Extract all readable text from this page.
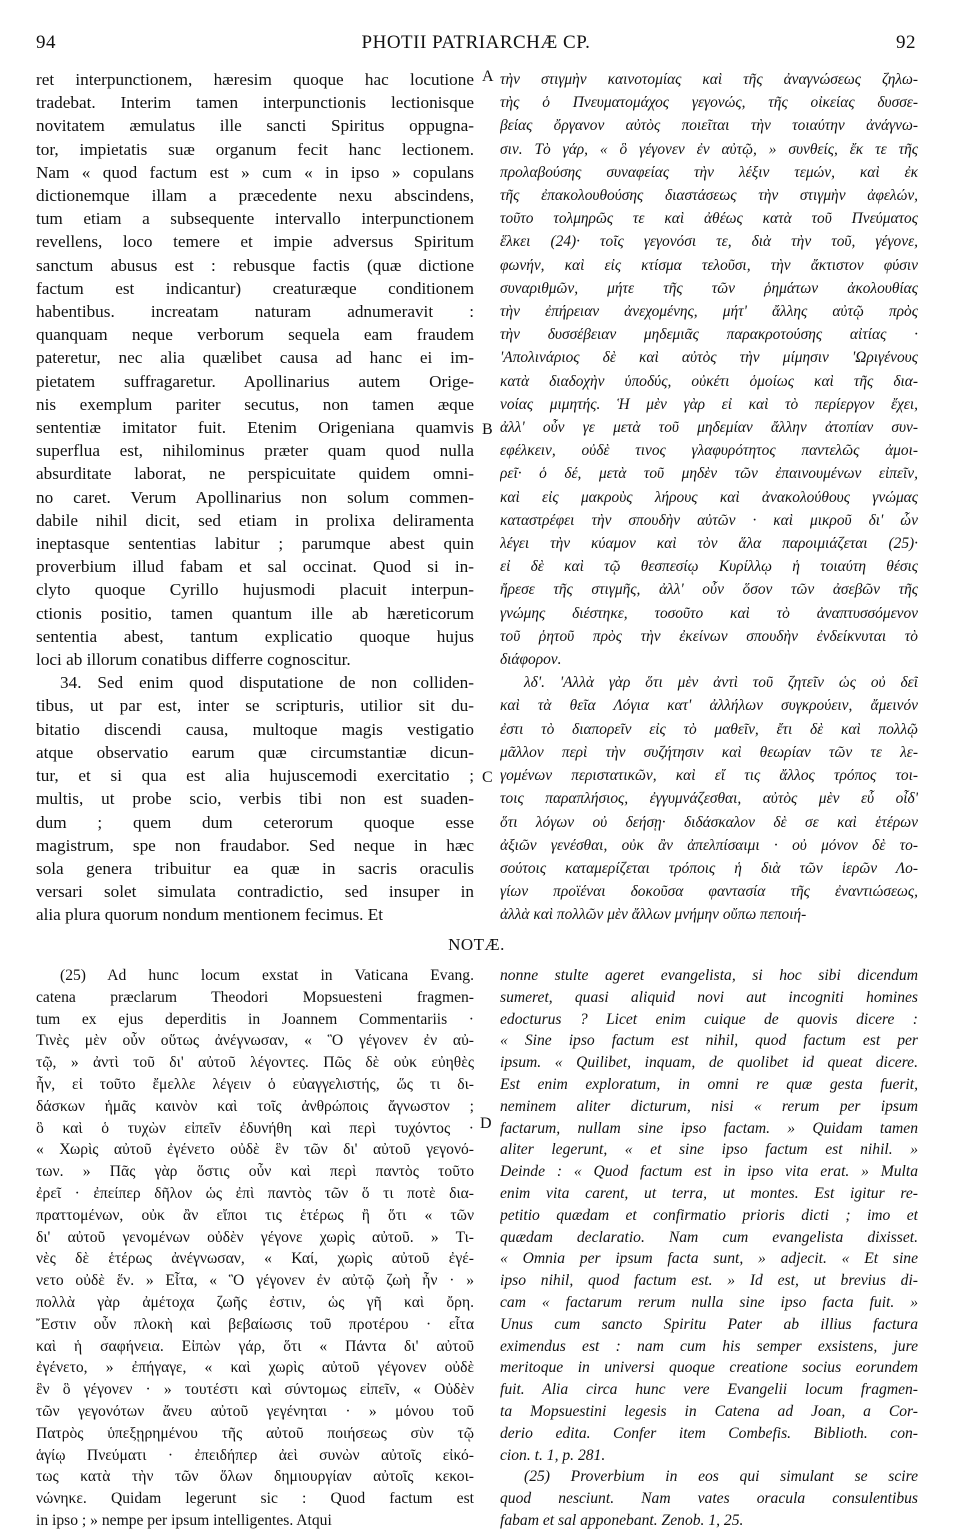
94	PHOTII PATRIARCHÆ CP.	92
ret interpunctionem, hæresim quoque hac locutione
tradebat. Interim tamen interpunctionis lectionisque
novitatem æmulatus ille sancti Spiritus oppugna-
tor, impietatis suæ organum fecit hanc lectionem.
Nam « quod factum est » cum « in ipso » copulans
dictionemque illam a præcedente nexu abscindens,
tum etiam a subsequente intervallo interpunctionem
revellens, loco temere et impie adversus Spiritum
sanctum abusus est : rebusque factis (quæ dictione
factum est indicantur) creaturæque conditionem
habentibus. increatam naturam adnumeravit :
quanquam neque verborum sequela eam fraudem
pateretur, nec alia quælibet causa ad hanc ei im-
pietatem suffragaretur. Apollinarius autem Orige-
nis exemplum pariter secutus, non tamen æque
sententiæ imitator fuit. Etenim Origeniana quamvis
superflua est, nihilominus præter quam quod nulla
absurditate laborat, ne perspicuitate quidem omni-
no caret. Verum Apollinarius non solum commen-
dabile nihil dicit, sed etiam in prolixa deliramenta
ineptasque sententias labitur ; parumque abest quin
proverbium illud fabam et sal occinat. Quod si in-
clyto quoque Cyrillo hujusmodi placuit interpun-
ctionis positio, tamen quantum ille ab hæreticorum
sententia abest, tantum explicatio quoque hujus
loci ab illorum conatibus differre cognoscitur.
34. Sed enim quod disputatione de non colliden-
tibus, ut par est, inter se scripturis, utilior sit du-
bitatio discendi causa, multoque magis vestigatio
atque observatio earum quæ circumstantiæ dicun-
tur, et si qua est alia hujuscemodi exercitatio ;
multis, ut probe scio, verbis tibi non est suaden-
dum ; quem dum ceterorum quoque esse
magistrum, spe non fraudabor. Sed neque in hæc
sola genera tribuitur ea quæ in sacris oraculis
versari solet simulata contradictio, sed insuper in
alia plura quorum nondum mentionem fecimus. Et
τὴν στιγμὴν καινοτομίας καὶ τῆς ἀναγνώσεως ζηλω-
τὴς ὁ Πνευματομάχος γεγονώς, τῆς οἰκείας δυσσε-
βείας ὄργανον αὐτὸς ποιεῖται τὴν τοιαύτην ἀνάγνω-
σιν. Τὸ γάρ, « ὃ γέγονεν ἐν αὐτῷ, » συνθείς, ἔκ τε τῆς
προλαβούσης συναφείας τὴν λέξιν τεμών, καὶ ἐκ
τῆς ἐπακολουθούσης διαστάσεως τὴν στιγμὴν ἀφελών,
τοῦτο τολμηρῶς τε καὶ ἀθέως κατὰ τοῦ Πνεύματος
ἕλκει (24)· τοῖς γεγονόσι τε, διὰ τὴν τοῦ, γέγονε,
φωνήν, καὶ εἰς κτίσμα τελοῦσι, τὴν ἄκτιστον φύσιν
συναριθμῶν, μήτε τῆς τῶν ῥημάτων ἀκολουθίας
τὴν ἐπήρειαν ἀνεχομένης, μήτ' ἄλλης αὐτῷ πρὸς
τὴν δυσσέβειαν μηδεμιᾶς παρακροτούσης αἰτίας ·
'Απολινάριος δὲ καὶ αὐτὸς τὴν μίμησιν 'Ωριγένους
κατὰ διαδοχὴν ὑποδύς, οὐκέτι ὁμοίως καὶ τῆς δια-
νοίας μιμητής. Ἡ μὲν γὰρ εἰ καὶ τὸ περίεργον ἔχει,
ἀλλ' οὖν γε μετὰ τοῦ μηδεμίαν ἄλλην ἀτοπίαν συν-
εφέλκειν, οὐδὲ τινος γλαφυρότητος παντελῶς ἀμοι-
ρεῖ· ὁ δέ, μετὰ τοῦ μηδὲν τῶν ἐπαινουμένων εἰπεῖν,
καὶ εἰς μακροὺς λήρους καὶ ἀνακολούθους γνώμας
καταστρέφει τὴν σπουδὴν αὐτῶν · καὶ μικροῦ δι' ὧν
λέγει τὴν κύαμον καὶ τὸν ἅλα παροιμιάζεται (25)·
εἰ δὲ καὶ τῷ θεσπεσίῳ Κυρίλλῳ ἡ τοιαύτη θέσις
ἤρεσε τῆς στιγμῆς, ἀλλ' οὖν ὅσον τῶν ἀσεβῶν τῆς
γνώμης διέστηκε, τοσοῦτο καὶ τὸ ἀναπτυσσόμενον
τοῦ ῥητοῦ πρὸς τὴν ἐκείνων σπουδὴν ἐνδείκνυται τὸ
διάφορον.
λδ'. 'Αλλὰ γὰρ ὅτι μὲν ἀντὶ τοῦ ζητεῖν ὡς οὐ δεῖ
καὶ τὰ θεῖα Λόγια κατ' ἀλλήλων συγκρούειν, ἄμεινόν
ἐστι τὸ διαπορεῖν εἰς τὸ μαθεῖν, ἔτι δὲ καὶ πολλῷ
μᾶλλον περὶ τὴν συζήτησιν καὶ θεωρίαν τῶν τε λε-
γομένων περιστατικῶν, καὶ εἴ τις ἄλλος τρόπος τοι-
τοις παραπλήσιος, ἐγγυμνάζεσθαι, αὐτὸς μὲν εὖ οἶδ'
ὅτι λόγων οὐ δεήσῃ· διδάσκαλον δὲ σε καὶ ἑτέρων
ἀξιῶν γενέσθαι, οὐκ ἂν ἀπελπίσαιμι · οὐ μόνον δὲ το-
σούτοις καταμερίζεται τρόποις ἡ διὰ τῶν ἱερῶν Λο-
γίων προϊέναι δοκοῦσα φαντασία τῆς ἐναντιώσεως,
ἀλλὰ καὶ πολλῶν μὲν ἄλλων μνήμην οὔπω πεποιή-
A
B
C
D
NOTÆ.
(25) Ad hunc locum exstat in Vaticana Evang.
catena præclarum Theodori Mopsuesteni fragmen-
tum ex ejus deperditis in Joannem Commentariis ·
Τινὲς μὲν οὖν οὕτως ἀνέγνωσαν, « Ὃ γέγονεν ἐν αὐ-
τῷ, » ἀντὶ τοῦ δι' αὐτοῦ λέγοντες. Πῶς δὲ οὐκ εὐηθὲς
ἦν, εἰ τοῦτο ἔμελλε λέγειν ὁ εὐαγγελιστής, ὥς τι δι-
δάσκων ἡμᾶς καινὸν καὶ τοῖς ἀνθρώποις ἄγνωστον ;
ὃ καὶ ὁ τυχὼν εἰπεῖν ἐδυνήθη καὶ περὶ τυχόντος ·
« Χωρὶς αὐτοῦ ἐγένετο οὐδὲ ἓν τῶν δι' αὐτοῦ γεγονό-
των. » Πᾶς γὰρ ὅστις οὖν καὶ περὶ παντὸς τοῦτο
ἐρεῖ · ἐπείπερ δῆλον ὡς ἐπὶ παντὸς τῶν ὅ τι ποτὲ δια-
πραττομένων, οὐκ ἂν εἴποι τις ἑτέρως ἢ ὅτι « τῶν
δι' αὐτοῦ γενομένων οὐδὲν γέγονε χωρὶς αὐτοῦ. » Τι-
νὲς δὲ ἑτέρως ἀνέγνωσαν, « Καί, χωρὶς αὐτοῦ ἐγέ-
νετο οὐδὲ ἕν. » Εἶτα, « Ὃ γέγονεν ἐν αὐτῷ ζωὴ ἦν · »
πολλὰ γὰρ ἀμέτοχα ζωῆς ἐστιν, ὡς γῆ καὶ ὄρη.
Ἔστιν οὖν πλοκὴ καὶ βεβαίωσις τοῦ προτέρου · εἶτα
καὶ ἡ σαφήνεια. Εἰπὼν γάρ, ὅτι « Πάντα δι' αὐτοῦ
ἐγένετο, » ἐπήγαγε, « καὶ χωρὶς αὐτοῦ γέγονεν οὐδὲ
ἓν ὃ γέγονεν · » τουτέστι καὶ σύντομως εἰπεῖν, « Οὐδὲν
τῶν γεγονότων ἄνευ αὐτοῦ γεγένηται · » μόνου τοῦ
Πατρὸς ὑπεξῃρημένου τῆς αὐτοῦ ποιήσεως σὺν τῷ
ἁγίῳ Πνεύματι · ἐπειδήπερ ἀεὶ συνὼν αὐτοῖς εἰκό-
τως κατὰ τὴν τῶν ὅλων δημιουργίαν αὐτοῖς κεκοι-
νώνηκε. Quidam legerunt sic : Quod factum est
in ipso ; » nempe per ipsum intelligentes. Atqui
nonne stulte ageret evangelista, si hoc sibi dicendum
sumeret, quasi aliquid novi aut incogniti homines
edocturus ? Licet enim cuique de quovis dicere :
« Sine ipso factum est nihil, quod factum est per
ipsum. « Quilibet, inquam, de quolibet id queat dicere.
Est enim exploratum, in omni re quæ gesta fuerit,
neminem aliter dicturum, nisi « rerum per ipsum
factarum, nullam sine ipso factam. » Quidam tamen
aliter legerunt, « et sine ipso factum est nihil. »
Deinde : « Quod factum est in ipso vita erat. » Multa
enim vita carent, ut terra, ut montes. Est igitur re-
petitio quædam et confirmatio prioris dicti ; imo et
quædam declaratio. Nam cum evangelista dixisset.
« Omnia per ipsum facta sunt, » adjecit. « Et sine
ipso nihil, quod factum est. » Id est, ut brevius di-
cam « factarum rerum nulla sine ipso facta fuit. »
Unus cum sancto Spiritu Pater ab illius factura
eximendus est : nam cum his semper exsistens, jure
meritoque in universi quoque creatione socius eorundem
fuit. Alia circa hunc vere Evangelii locum fragmen-
ta Mopsuestini legesis in Catena ad Joan, a Cor-
derio edita. Confer item Combefis. Biblioth. con-
cion. t. 1, p. 281.
(25) Proverbium in eos qui simulant se scire
quod nesciunt. Nam vates oracula consulentibus
fabam et sal apponebant. Zenob. 1, 25.
